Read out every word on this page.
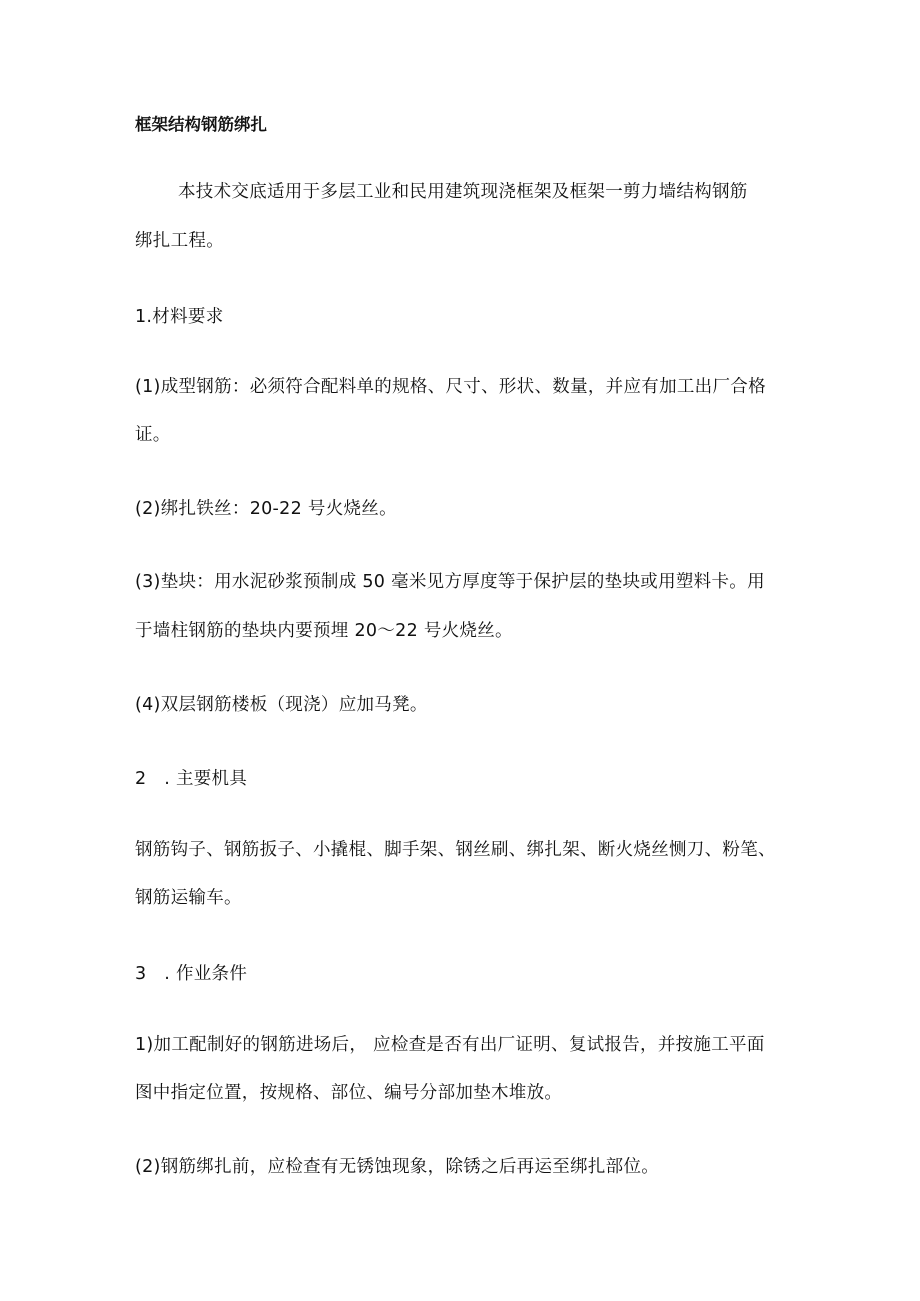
框架结构钢筋绑扎
本技术交底适用于多层工业和民用建筑现浇框架及框架一剪力墙结构钢筋
绑扎工程。
1.材料要求
(1)成型钢筋：必须符合配料单的规格、尺寸、形状、数量，并应有加工出厂合格
证。
(2)绑扎铁丝：20-22 号火烧丝。
(3)垫块：用水泥砂浆预制成 50 毫米见方厚度等于保护层的垫块或用塑料卡。用
于墙柱钢筋的垫块内要预埋 20～22 号火烧丝。
(4)双层钢筋楼板（现浇）应加马凳。
2　. 主要机具
钢筋钩子、钢筋扳子、小撬棍、脚手架、钢丝刷、绑扎架、断火烧丝恻刀、粉笔、
钢筋运输车。
3　. 作业条件
1)加工配制好的钢筋进场后， 应检查是否有出厂证明、复试报告，并按施工平面
图中指定位置，按规格、部位、编号分部加垫木堆放。
(2)钢筋绑扎前，应检查有无锈蚀现象，除锈之后再运至绑扎部位。
